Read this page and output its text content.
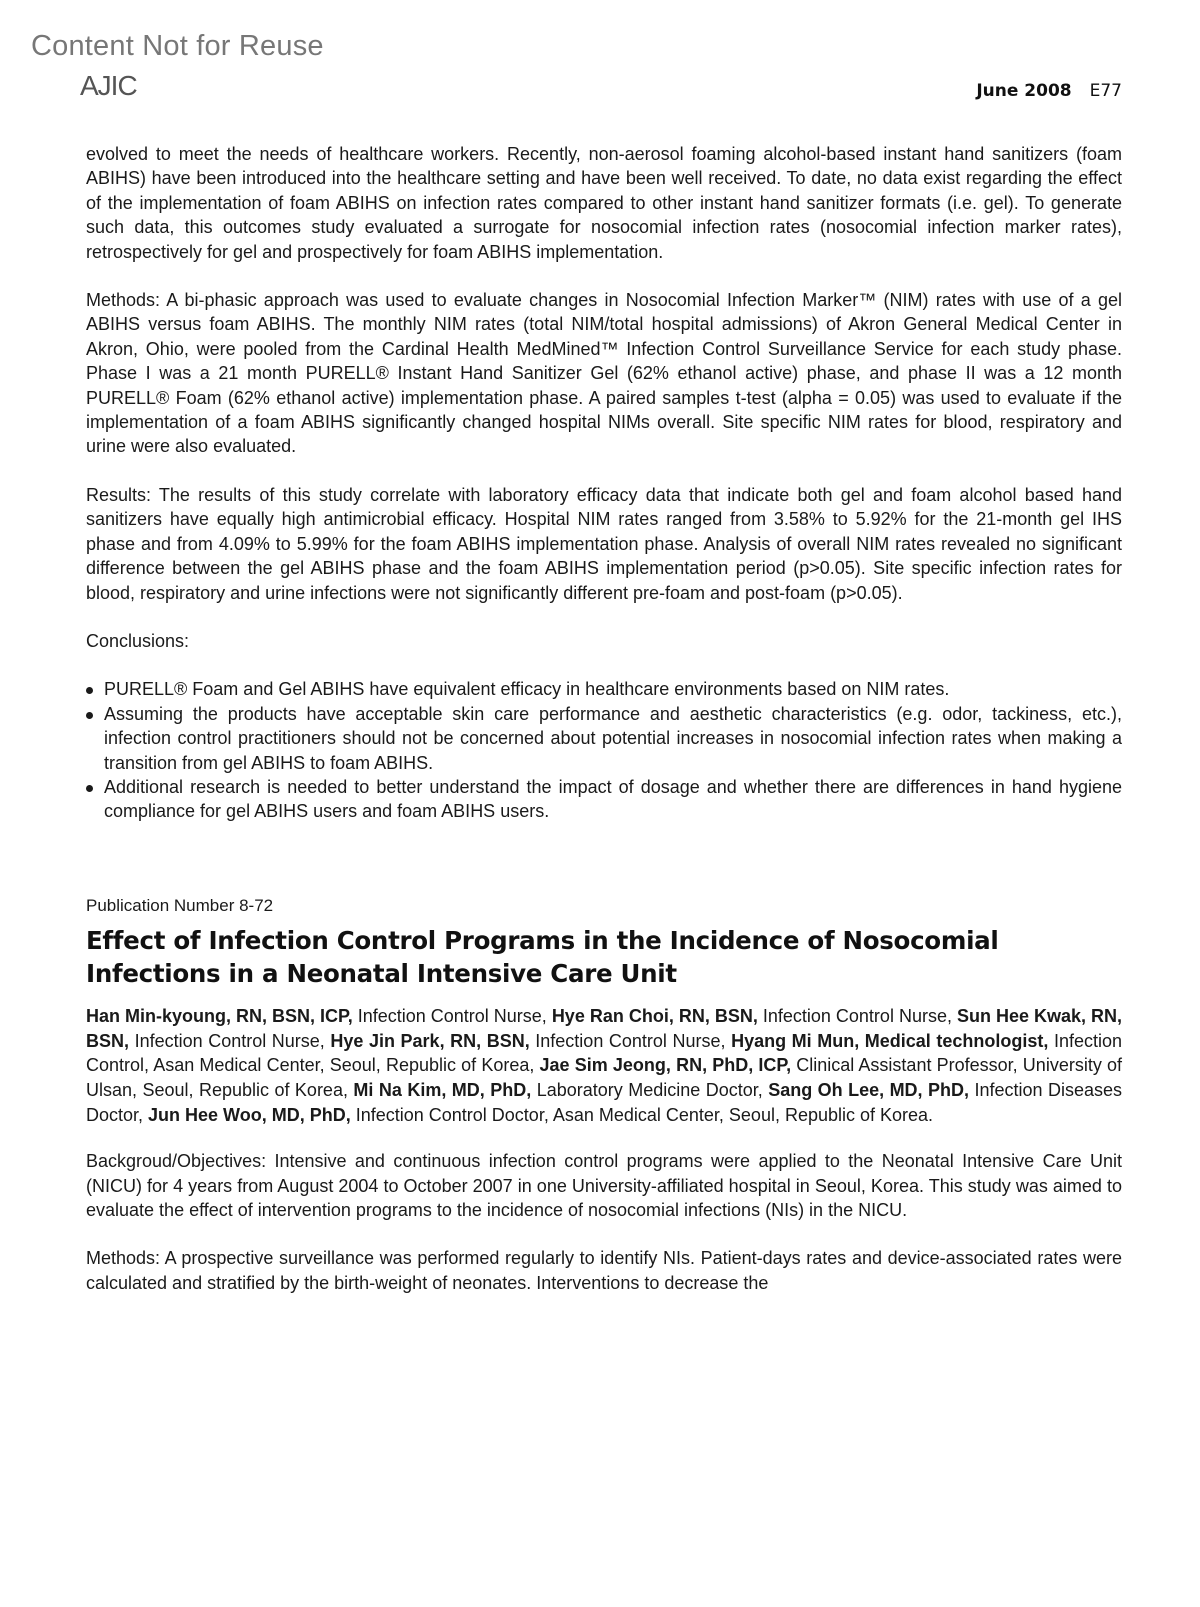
Content Not for Reuse
AJIC	June 2008 E77

evolved to meet the needs of healthcare workers. Recently, non-aerosol foaming alcohol-based instant hand sanitizers (foam ABIHS) have been introduced into the healthcare setting and have been well received. To date, no data exist regarding the effect of the implementation of foam ABIHS on infection rates compared to other instant hand sanitizer formats (i.e. gel). To generate such data, this outcomes study evaluated a surrogate for nosocomial infection rates (nosocomial infection marker rates), retrospectively for gel and prospectively for foam ABIHS implementation.

Methods: A bi-phasic approach was used to evaluate changes in Nosocomial Infection Marker™ (NIM) rates with use of a gel ABIHS versus foam ABIHS. The monthly NIM rates (total NIM/total hospital admissions) of Akron General Medical Center in Akron, Ohio, were pooled from the Cardinal Health MedMined™ Infection Control Surveillance Service for each study phase. Phase I was a 21 month PURELL® Instant Hand Sanitizer Gel (62% ethanol active) phase, and phase II was a 12 month PURELL® Foam (62% ethanol active) implementation phase. A paired samples t-test (alpha = 0.05) was used to evaluate if the implementation of a foam ABIHS significantly changed hospital NIMs overall. Site specific NIM rates for blood, respiratory and urine were also evaluated.

Results: The results of this study correlate with laboratory efficacy data that indicate both gel and foam alcohol based hand sanitizers have equally high antimicrobial efficacy. Hospital NIM rates ranged from 3.58% to 5.92% for the 21-month gel IHS phase and from 4.09% to 5.99% for the foam ABIHS implementation phase. Analysis of overall NIM rates revealed no significant difference between the gel ABIHS phase and the foam ABIHS implementation period (p>0.05). Site specific infection rates for blood, respiratory and urine infections were not significantly different pre-foam and post-foam (p>0.05).

Conclusions:

PURELL® Foam and Gel ABIHS have equivalent efficacy in healthcare environments based on NIM rates.
Assuming the products have acceptable skin care performance and aesthetic characteristics (e.g. odor, tackiness, etc.), infection control practitioners should not be concerned about potential increases in nosocomial infection rates when making a transition from gel ABIHS to foam ABIHS.
Additional research is needed to better understand the impact of dosage and whether there are differences in hand hygiene compliance for gel ABIHS users and foam ABIHS users.
Publication Number 8-72
Effect of Infection Control Programs in the Incidence of Nosocomial Infections in a Neonatal Intensive Care Unit

Han Min-kyoung, RN, BSN, ICP, Infection Control Nurse, Hye Ran Choi, RN, BSN, Infection Control Nurse, Sun Hee Kwak, RN, BSN, Infection Control Nurse, Hye Jin Park, RN, BSN, Infection Control Nurse, Hyang Mi Mun, Medical technologist, Infection Control, Asan Medical Center, Seoul, Republic of Korea, Jae Sim Jeong, RN, PhD, ICP, Clinical Assistant Professor, University of Ulsan, Seoul, Republic of Korea, Mi Na Kim, MD, PhD, Laboratory Medicine Doctor, Sang Oh Lee, MD, PhD, Infection Diseases Doctor, Jun Hee Woo, MD, PhD, Infection Control Doctor, Asan Medical Center, Seoul, Republic of Korea.

Backgroud/Objectives: Intensive and continuous infection control programs were applied to the Neonatal Intensive Care Unit (NICU) for 4 years from August 2004 to October 2007 in one University-affiliated hospital in Seoul, Korea. This study was aimed to evaluate the effect of intervention programs to the incidence of nosocomial infections (NIs) in the NICU.

Methods: A prospective surveillance was performed regularly to identify NIs. Patient-days rates and device-associated rates were calculated and stratified by the birth-weight of neonates. Interventions to decrease the
